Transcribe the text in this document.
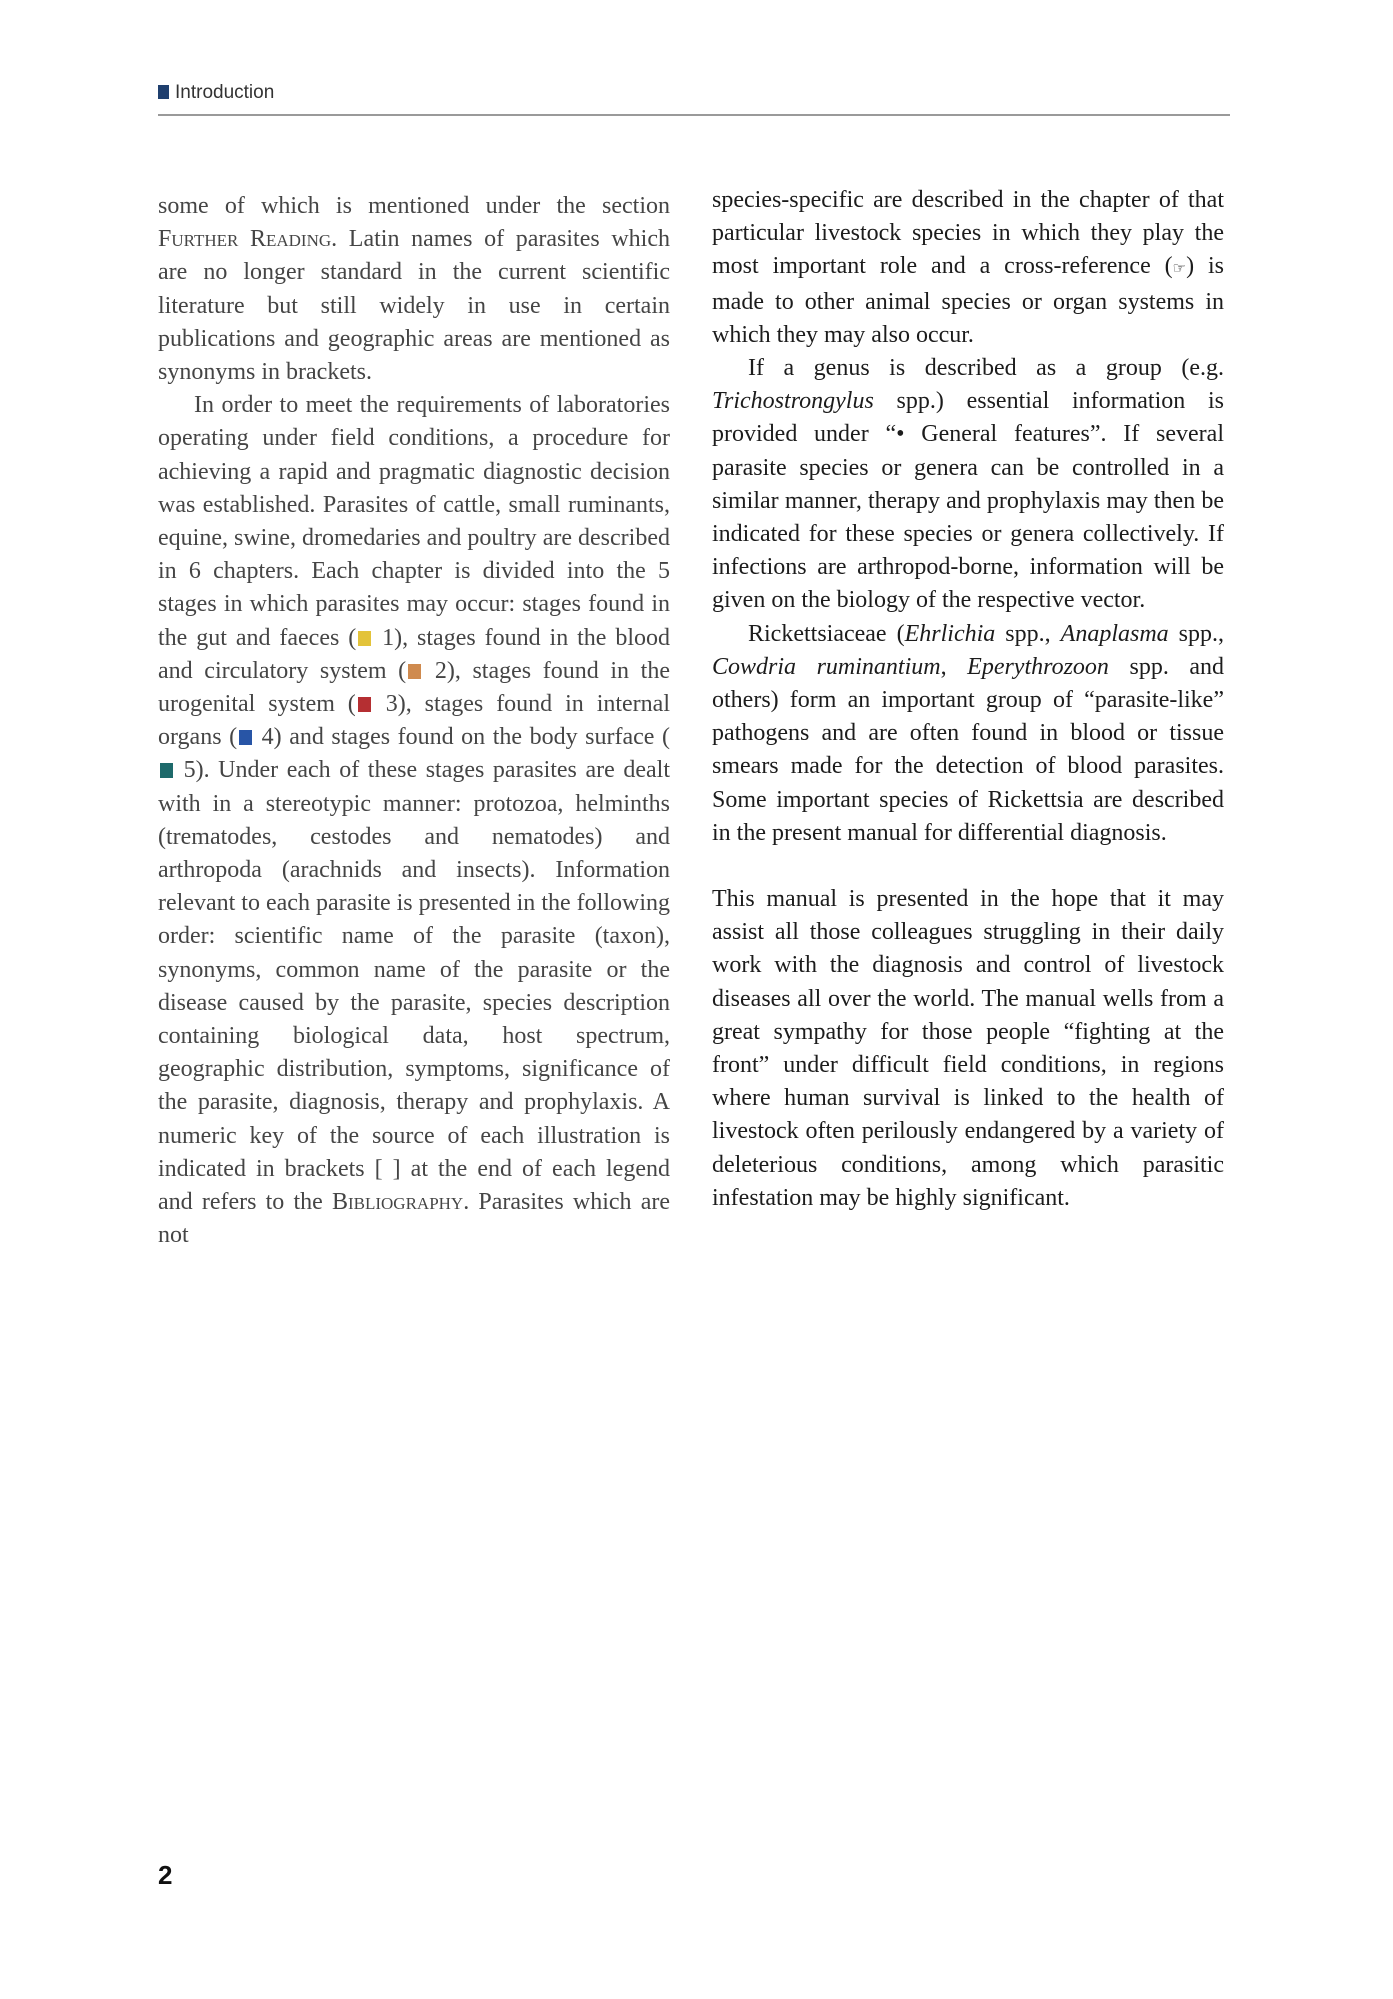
Introduction

some of which is mentioned under the section Further Reading. Latin names of parasites which are no longer standard in the current scientific literature but still widely in use in certain publications and geographic areas are mentioned as synonyms in brackets.

In order to meet the requirements of laboratories operating under field conditions, a procedure for achieving a rapid and pragmatic diagnostic decision was established. Parasites of cattle, small ruminants, equine, swine, dromedaries and poultry are described in 6 chapters. Each chapter is divided into the 5 stages in which parasites may occur: stages found in the gut and faeces ( 1), stages found in the blood and circulatory system ( 2), stages found in the urogenital system ( 3), stages found in internal organs ( 4) and stages found on the body surface ( 5). Under each of these stages parasites are dealt with in a stereotypic manner: protozoa, helminths (trematodes, cestodes and nematodes) and arthropoda (arachnids and insects). Information relevant to each parasite is presented in the following order: scientific name of the parasite (taxon), synonyms, common name of the parasite or the disease caused by the parasite, species description containing biological data, host spectrum, geographic distribution, symptoms, significance of the parasite, diagnosis, therapy and prophylaxis. A numeric key of the source of each illustration is indicated in brackets [ ] at the end of each legend and refers to the Bibliography. Parasites which are not

species-specific are described in the chapter of that particular livestock species in which they play the most important role and a cross-reference (☞) is made to other animal species or organ systems in which they may also occur.

If a genus is described as a group (e.g. Trichostrongylus spp.) essential information is provided under “• General features”. If several parasite species or genera can be controlled in a similar manner, therapy and prophylaxis may then be indicated for these species or genera collectively. If infections are arthropod-borne, information will be given on the biology of the respective vector.

Rickettsiaceae (Ehrlichia spp., Anaplasma spp., Cowdria ruminantium, Eperythrozoon spp. and others) form an important group of “parasite-like” pathogens and are often found in blood or tissue smears made for the detection of blood parasites. Some important species of Rickettsia are described in the present manual for differential diagnosis.

This manual is presented in the hope that it may assist all those colleagues struggling in their daily work with the diagnosis and control of livestock diseases all over the world. The manual wells from a great sympathy for those people “fighting at the front” under difficult field conditions, in regions where human survival is linked to the health of livestock often perilously endangered by a variety of deleterious conditions, among which parasitic infestation may be highly significant.

2
